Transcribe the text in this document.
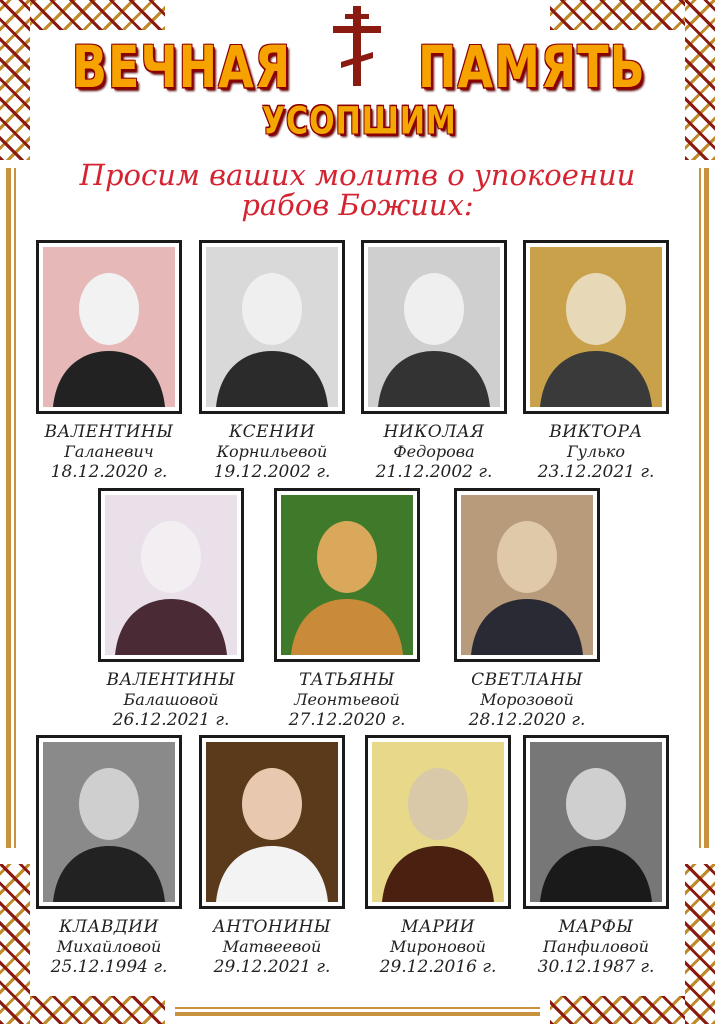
ВЕЧНАЯ	ПАМЯТЬ
УСОПШИМ
Просим ваших молитв о упокоении
рабов Божиих:
ВАЛЕНТИНЫ
Галаневич
18.12.2020 г.
КСЕНИИ
Корнильевой
19.12.2002 г.
НИКОЛАЯ
Федорова
21.12.2002 г.
ВИКТОРА
Гулько
23.12.2021 г.
ВАЛЕНТИНЫ
Балашовой
26.12.2021 г.
ТАТЬЯНЫ
Леонтьевой
27.12.2020 г.
СВЕТЛАНЫ
Морозовой
28.12.2020 г.
КЛАВДИИ
Михайловой
25.12.1994 г.
АНТОНИНЫ
Матвеевой
29.12.2021 г.
МАРИИ
Мироновой
29.12.2016 г.
МАРФЫ
Панфиловой
30.12.1987 г.
